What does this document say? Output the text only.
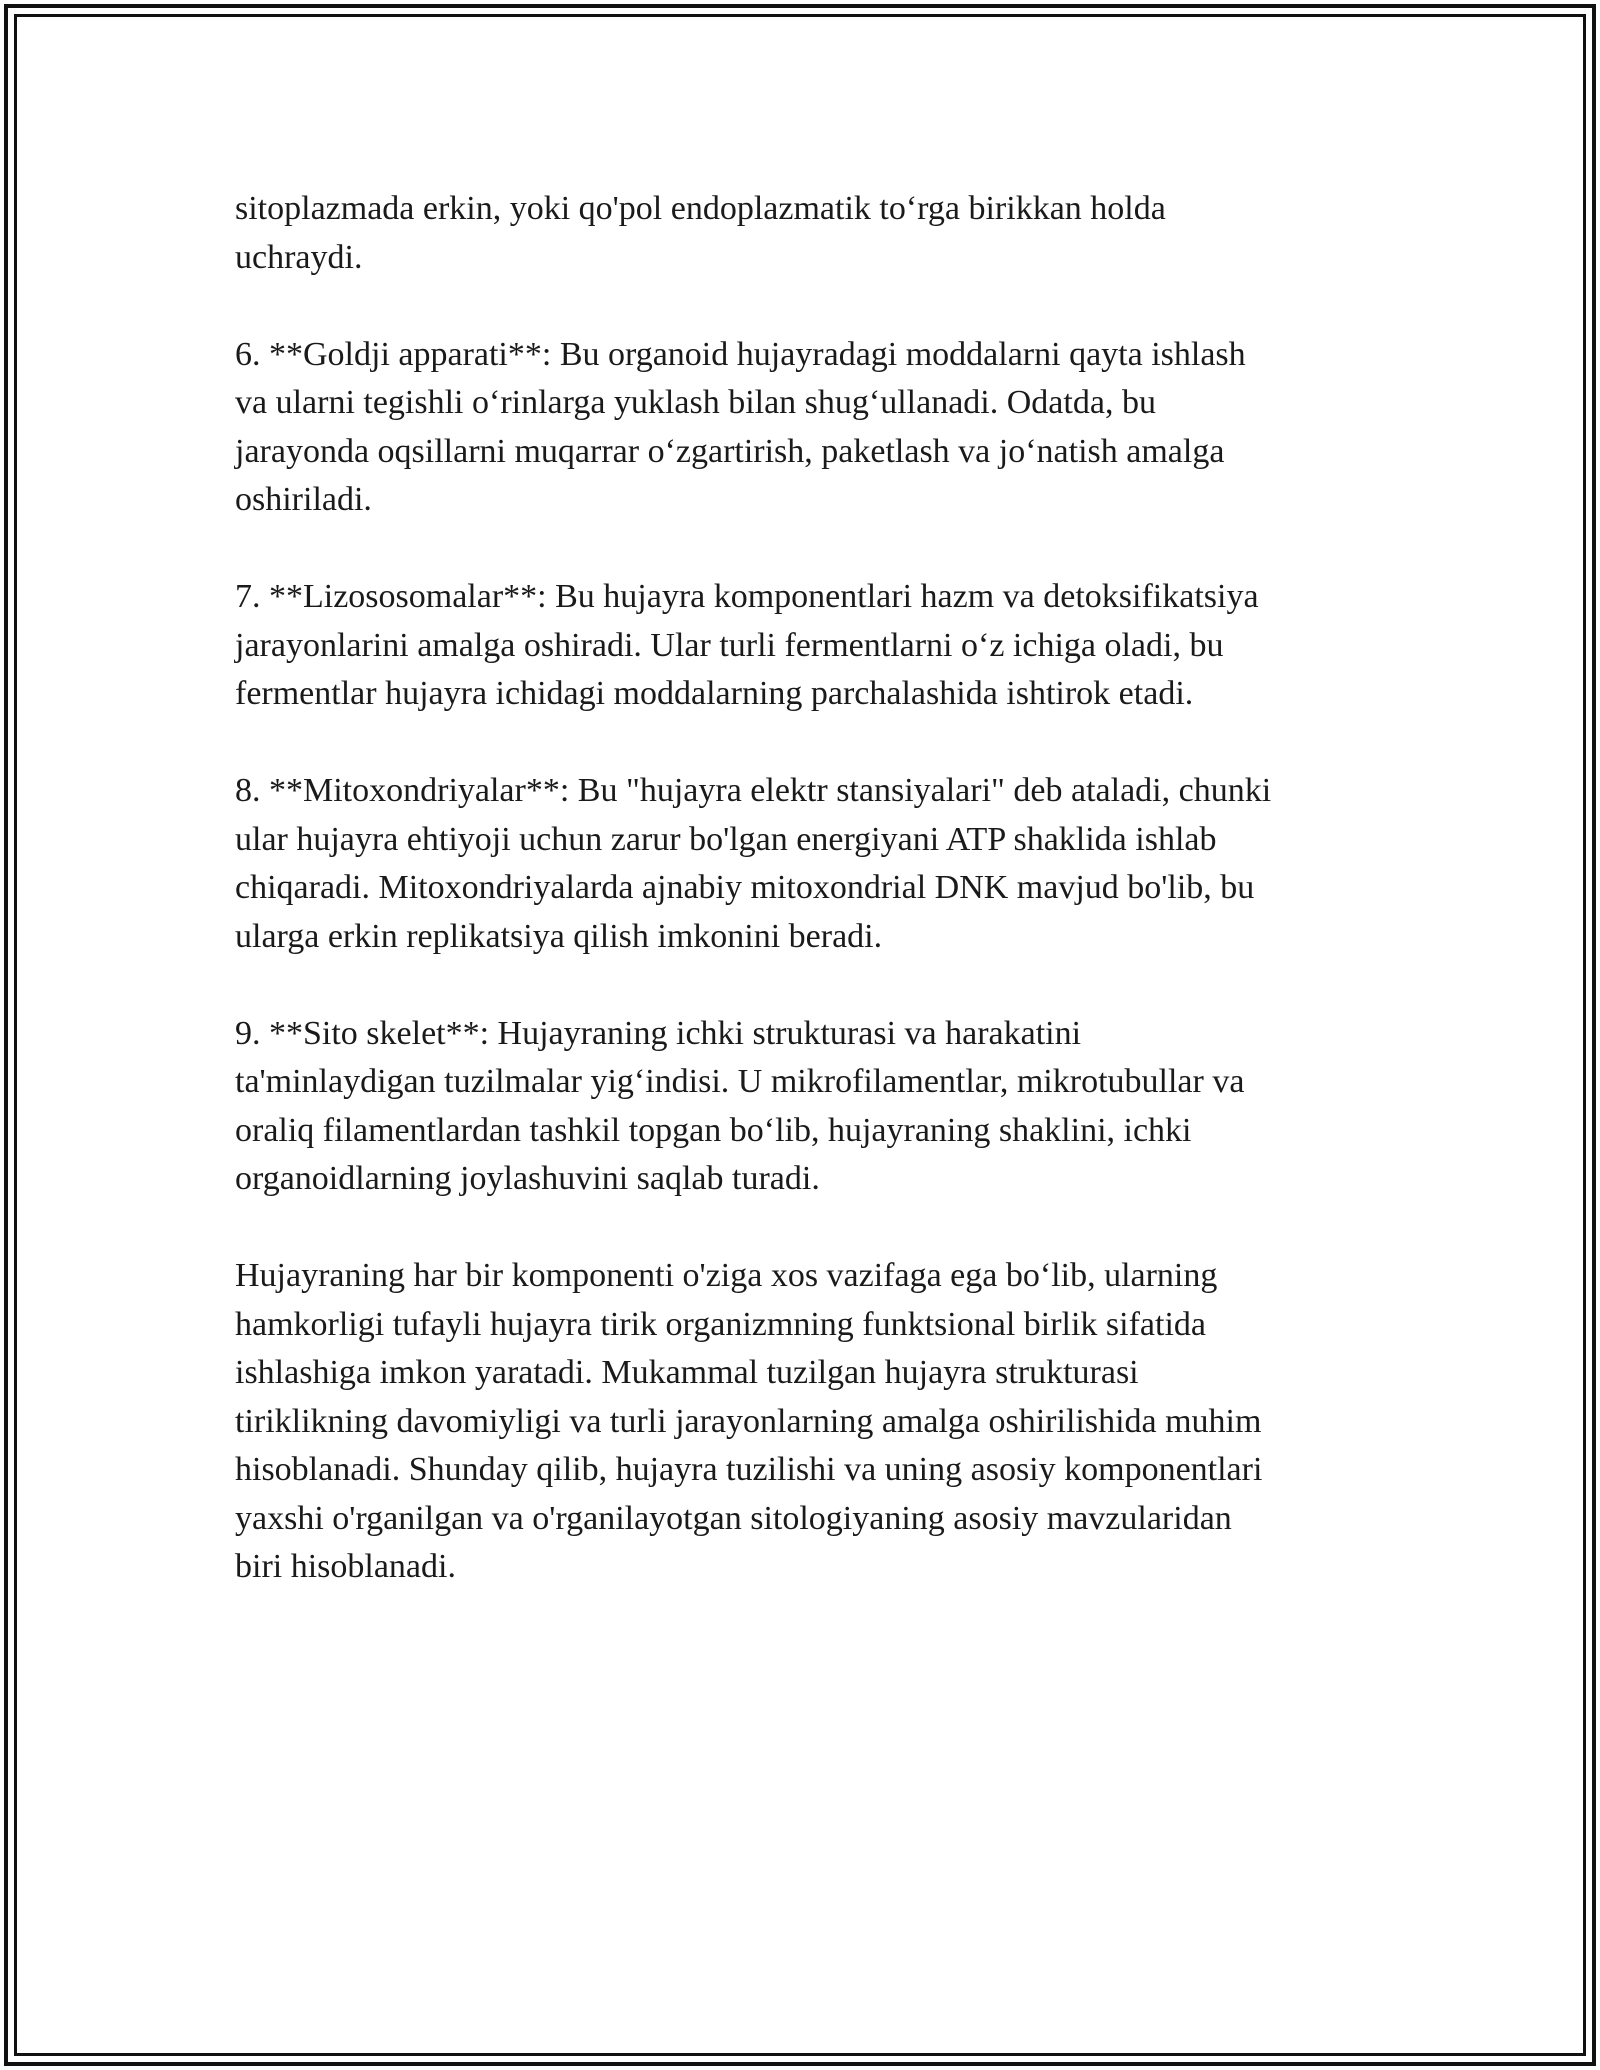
sitoplazmada erkin, yoki qo'pol endoplazmatik to‘rga birikkan holda
uchraydi.

6. **Goldji apparati**: Bu organoid hujayradagi moddalarni qayta ishlash
va ularni tegishli o‘rinlarga yuklash bilan shug‘ullanadi. Odatda, bu
jarayonda oqsillarni muqarrar o‘zgartirish, paketlash va jo‘natish amalga
oshiriladi.

7. **Lizososomalar**: Bu hujayra komponentlari hazm va detoksifikatsiya
jarayonlarini amalga oshiradi. Ular turli fermentlarni o‘z ichiga oladi, bu
fermentlar hujayra ichidagi moddalarning parchalashida ishtirok etadi.

8. **Mitoxondriyalar**: Bu "hujayra elektr stansiyalari" deb ataladi, chunki
ular hujayra ehtiyoji uchun zarur bo'lgan energiyani ATP shaklida ishlab
chiqaradi. Mitoxondriyalarda ajnabiy mitoxondrial DNK mavjud bo'lib, bu
ularga erkin replikatsiya qilish imkonini beradi.

9. **Sito skelet**: Hujayraning ichki strukturasi va harakatini
ta'minlaydigan tuzilmalar yig‘indisi. U mikrofilamentlar, mikrotubullar va
oraliq filamentlardan tashkil topgan bo‘lib, hujayraning shaklini, ichki
organoidlarning joylashuvini saqlab turadi.

Hujayraning har bir komponenti o'ziga xos vazifaga ega bo‘lib, ularning
hamkorligi tufayli hujayra tirik organizmning funktsional birlik sifatida
ishlashiga imkon yaratadi. Mukammal tuzilgan hujayra strukturasi
tiriklikning davomiyligi va turli jarayonlarning amalga oshirilishida muhim
hisoblanadi. Shunday qilib, hujayra tuzilishi va uning asosiy komponentlari
yaxshi o'rganilgan va o'rganilayotgan sitologiyaning asosiy mavzularidan
biri hisoblanadi.
